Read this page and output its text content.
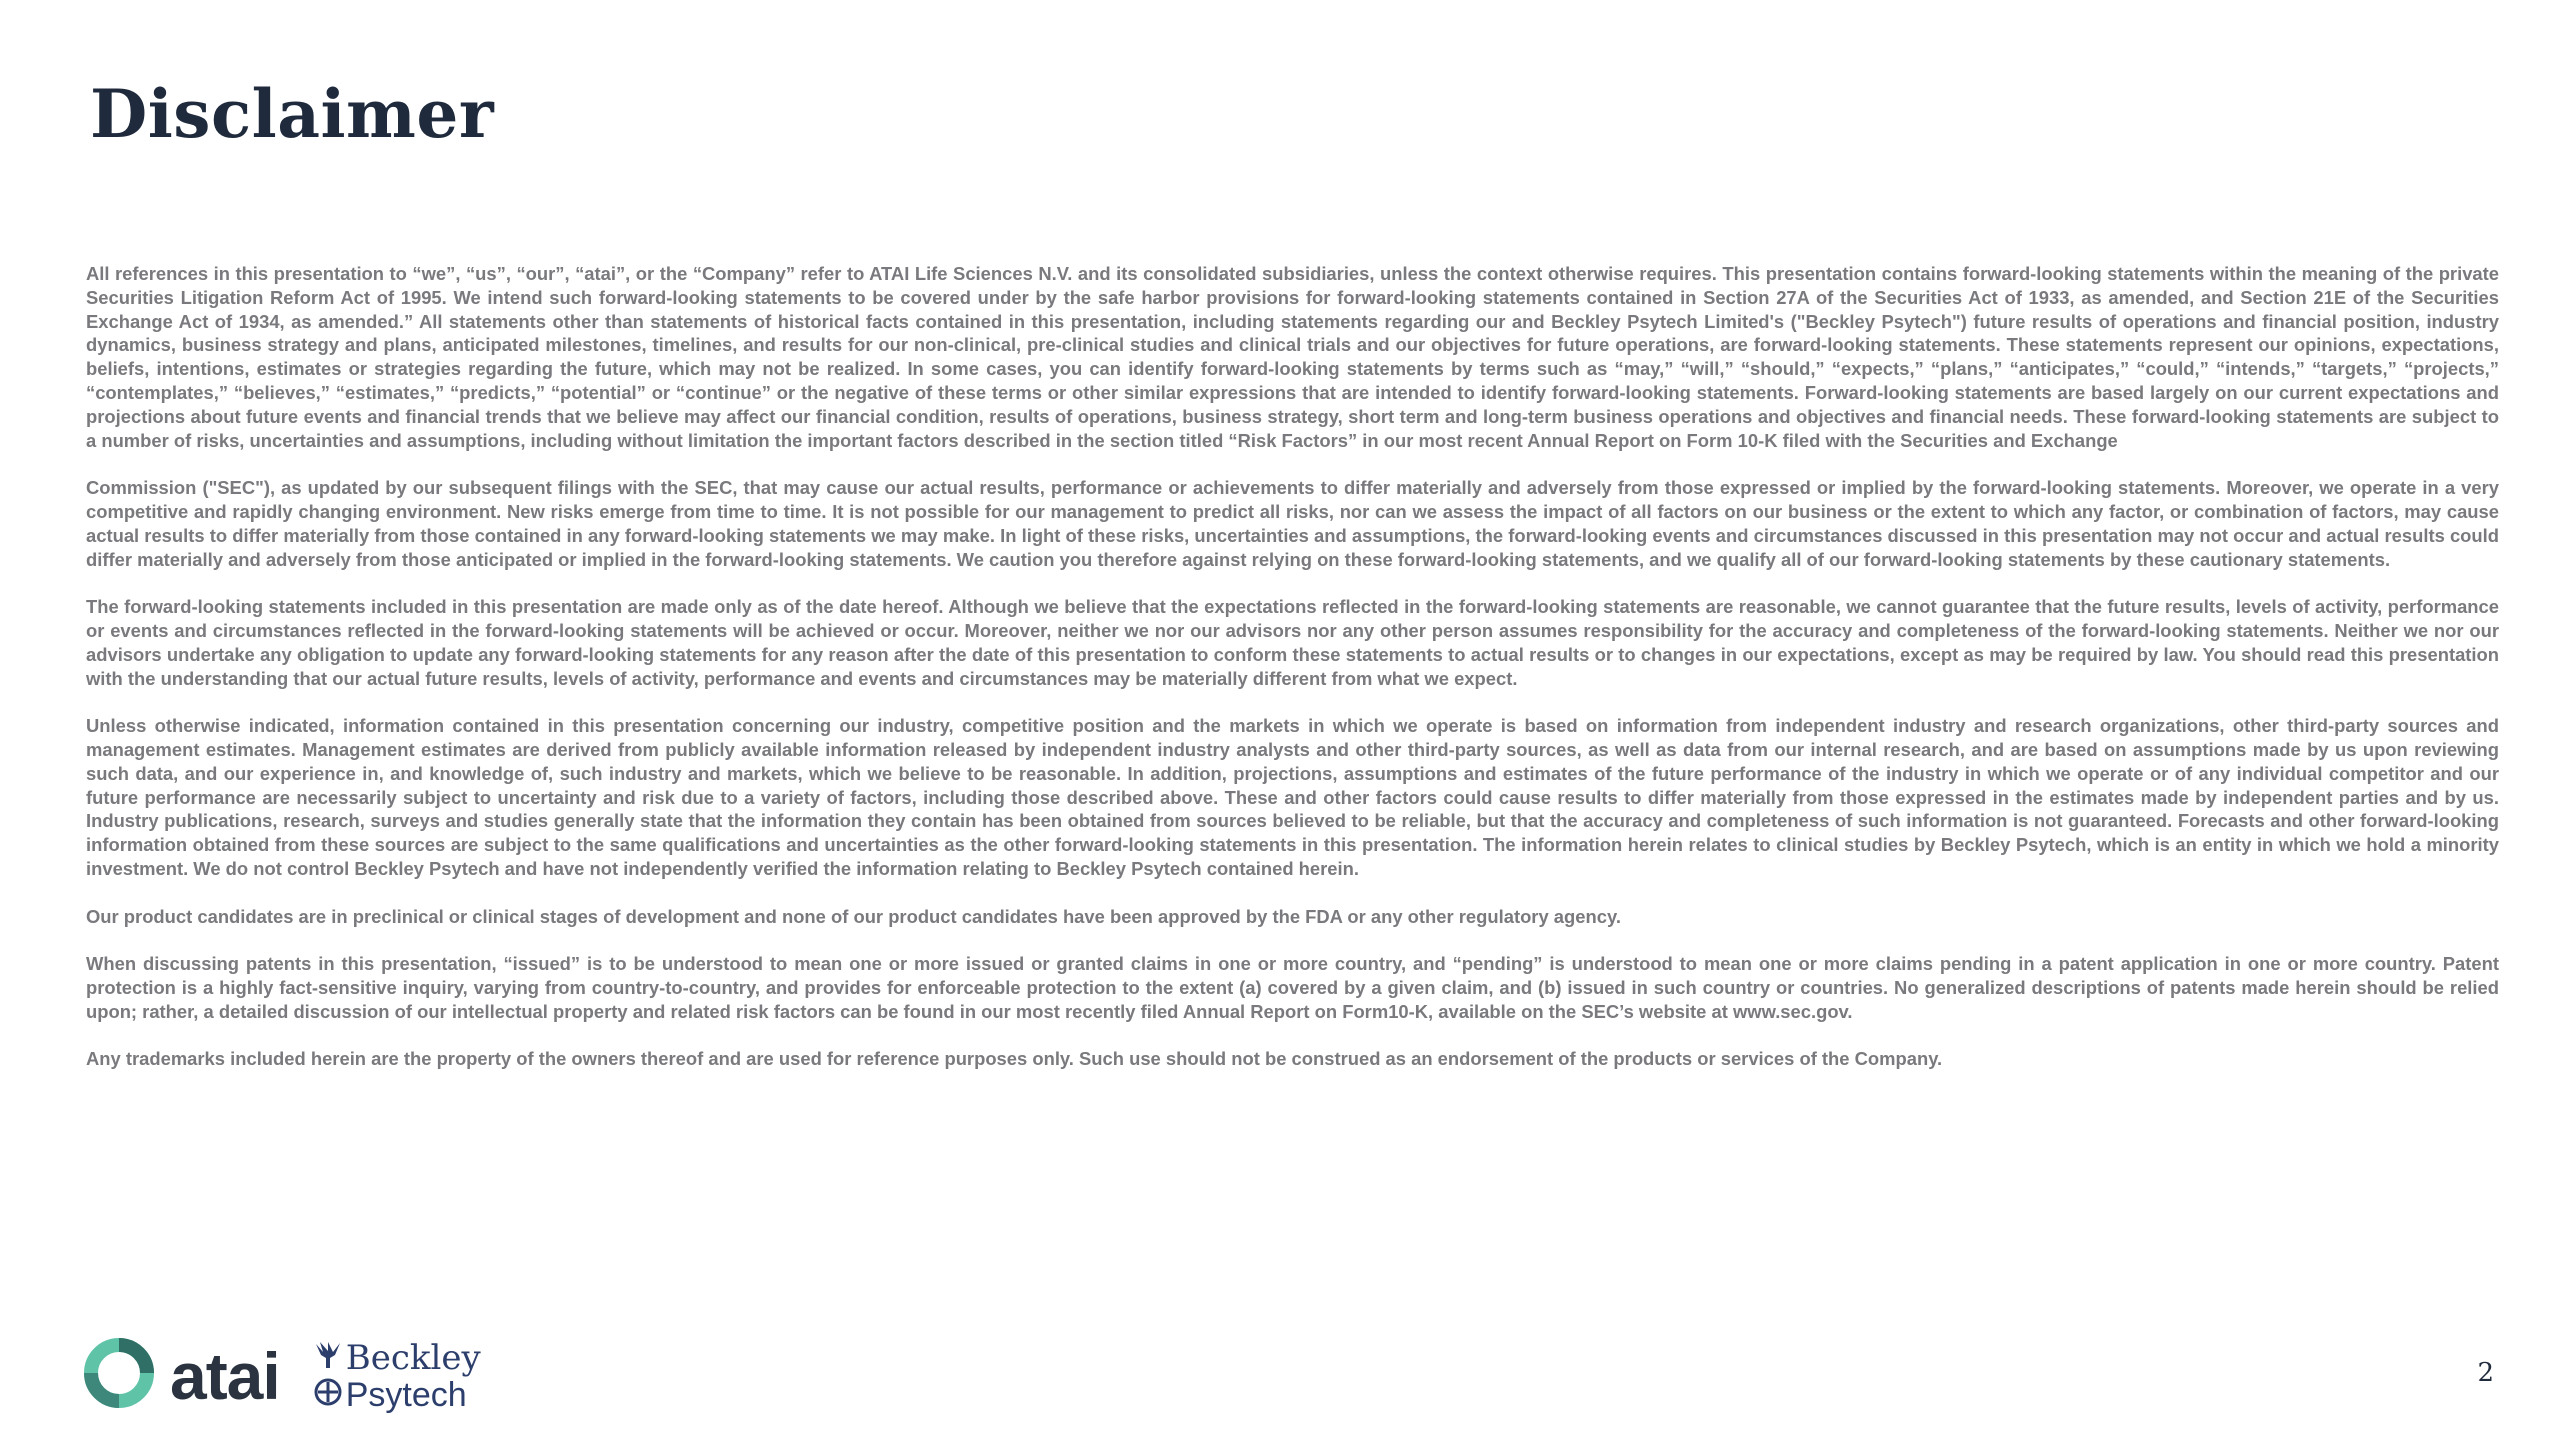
Disclaimer

All references in this presentation to “we”, “us”, “our”, “atai”, or the “Company” refer to ATAI Life Sciences N.V. and its consolidated subsidiaries, unless the context otherwise requires. This presentation contains forward-looking statements within the meaning of the private Securities Litigation Reform Act of 1995. We intend such forward-looking statements to be covered under by the safe harbor provisions for forward-looking statements contained in Section 27A of the Securities Act of 1933, as amended, and Section 21E of the Securities Exchange Act of 1934, as amended.” All statements other than statements of historical facts contained in this presentation, including statements regarding our and Beckley Psytech Limited's ("Beckley Psytech") future results of operations and financial position, industry dynamics, business strategy and plans, anticipated milestones, timelines, and results for our non-clinical, pre-clinical studies and clinical trials and our objectives for future operations, are forward-looking statements. These statements represent our opinions, expectations, beliefs, intentions, estimates or strategies regarding the future, which may not be realized. In some cases, you can identify forward-looking statements by terms such as “may,” “will,” “should,” “expects,” “plans,” “anticipates,” “could,” “intends,” “targets,” “projects,” “contemplates,” “believes,” “estimates,” “predicts,” “potential” or “continue” or the negative of these terms or other similar expressions that are intended to identify forward-looking statements. Forward-looking statements are based largely on our current expectations and projections about future events and financial trends that we believe may affect our financial condition, results of operations, business strategy, short term and long-term business operations and objectives and financial needs. These forward-looking statements are subject to a number of risks, uncertainties and assumptions, including without limitation the important factors described in the section titled “Risk Factors” in our most recent Annual Report on Form 10-K filed with the Securities and Exchange

Commission ("SEC"), as updated by our subsequent filings with the SEC, that may cause our actual results, performance or achievements to differ materially and adversely from those expressed or implied by the forward-looking statements. Moreover, we operate in a very competitive and rapidly changing environment. New risks emerge from time to time. It is not possible for our management to predict all risks, nor can we assess the impact of all factors on our business or the extent to which any factor, or combination of factors, may cause actual results to differ materially from those contained in any forward-looking statements we may make. In light of these risks, uncertainties and assumptions, the forward-looking events and circumstances discussed in this presentation may not occur and actual results could differ materially and adversely from those anticipated or implied in the forward-looking statements. We caution you therefore against relying on these forward-looking statements, and we qualify all of our forward-looking statements by these cautionary statements.

The forward-looking statements included in this presentation are made only as of the date hereof. Although we believe that the expectations reflected in the forward-looking statements are reasonable, we cannot guarantee that the future results, levels of activity, performance or events and circumstances reflected in the forward-looking statements will be achieved or occur. Moreover, neither we nor our advisors nor any other person assumes responsibility for the accuracy and completeness of the forward-looking statements. Neither we nor our advisors undertake any obligation to update any forward-looking statements for any reason after the date of this presentation to conform these statements to actual results or to changes in our expectations, except as may be required by law. You should read this presentation with the understanding that our actual future results, levels of activity, performance and events and circumstances may be materially different from what we expect.

Unless otherwise indicated, information contained in this presentation concerning our industry, competitive position and the markets in which we operate is based on information from independent industry and research organizations, other third-party sources and management estimates. Management estimates are derived from publicly available information released by independent industry analysts and other third-party sources, as well as data from our internal research, and are based on assumptions made by us upon reviewing such data, and our experience in, and knowledge of, such industry and markets, which we believe to be reasonable. In addition, projections, assumptions and estimates of the future performance of the industry in which we operate or of any individual competitor and our future performance are necessarily subject to uncertainty and risk due to a variety of factors, including those described above. These and other factors could cause results to differ materially from those expressed in the estimates made by independent parties and by us. Industry publications, research, surveys and studies generally state that the information they contain has been obtained from sources believed to be reliable, but that the accuracy and completeness of such information is not guaranteed. Forecasts and other forward-looking information obtained from these sources are subject to the same qualifications and uncertainties as the other forward-looking statements in this presentation. The information herein relates to clinical studies by Beckley Psytech, which is an entity in which we hold a minority investment. We do not control Beckley Psytech and have not independently verified the information relating to Beckley Psytech contained herein.

Our product candidates are in preclinical or clinical stages of development and none of our product candidates have been approved by the FDA or any other regulatory agency.

When discussing patents in this presentation, “issued” is to be understood to mean one or more issued or granted claims in one or more country, and “pending” is understood to mean one or more claims pending in a patent application in one or more country. Patent protection is a highly fact-sensitive inquiry, varying from country-to-country, and provides for enforceable protection to the extent (a) covered by a given claim, and (b) issued in such country or countries. No generalized descriptions of patents made herein should be relied upon; rather, a detailed discussion of our intellectual property and related risk factors can be found in our most recently filed Annual Report on Form10-K, available on the SEC’s website at www.sec.gov.

Any trademarks included herein are the property of the owners thereof and are used for reference purposes only. Such use should not be construed as an endorsement of the products or services of the Company.

atai Beckley
Psytech
2
